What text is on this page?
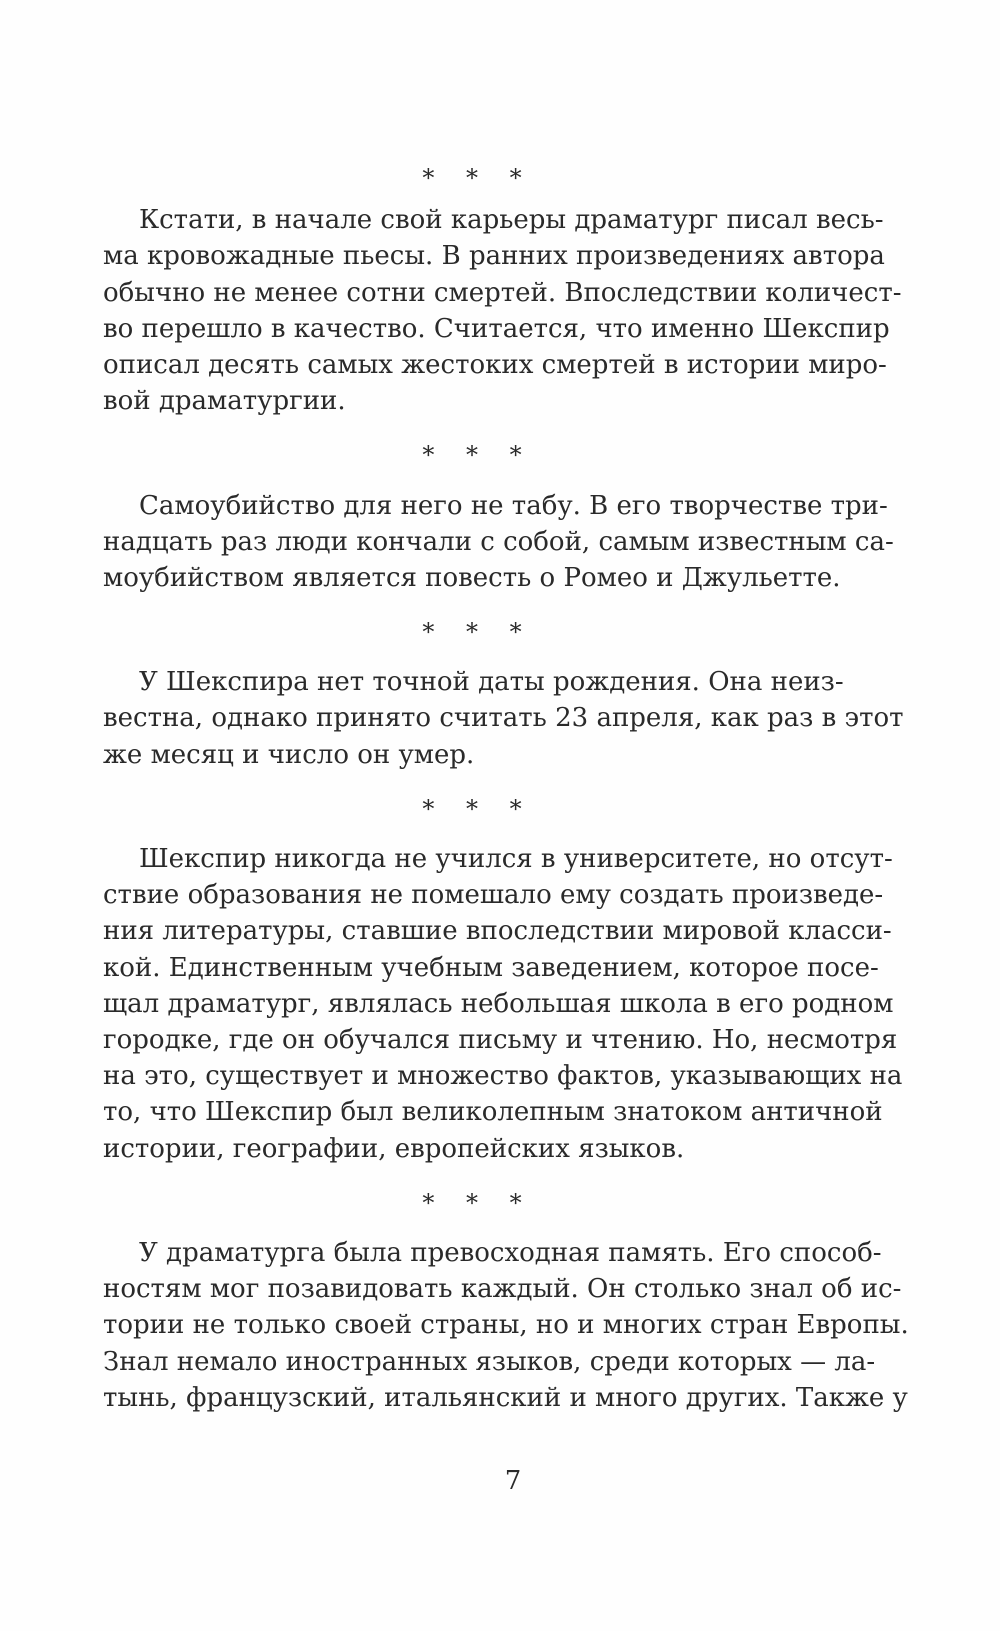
* * *

Кстати, в начале свой карьеры драматург писал весь-
ма кровожадные пьесы. В ранних произведениях автора
обычно не менее сотни смертей. Впоследствии количест-
во перешло в качество. Считается, что именно Шекспир
описал десять самых жестоких смертей в истории миро-
вой драматургии.

* * *

Самоубийство для него не табу. В его творчестве три-
надцать раз люди кончали с собой, самым известным са-
моубийством является повесть о Ромео и Джульетте.

* * *

У Шекспира нет точной даты рождения. Она неиз-
вестна, однако принято считать 23 апреля, как раз в этот
же месяц и число он умер.

* * *

Шекспир никогда не учился в университете, но отсут-
ствие образования не помешало ему создать произведе-
ния литературы, ставшие впоследствии мировой класси-
кой. Единственным учебным заведением, которое посе-
щал драматург, являлась небольшая школа в его родном
городке, где он обучался письму и чтению. Но, несмотря
на это, существует и множество фактов, указывающих на
то, что Шекспир был великолепным знатоком античной
истории, географии, европейских языков.

* * *

У драматурга была превосходная память. Его способ-
ностям мог позавидовать каждый. Он столько знал об ис-
тории не только своей страны, но и многих стран Европы.
Знал немало иностранных языков, среди которых — ла-
тынь, французский, итальянский и много других. Также у
7
